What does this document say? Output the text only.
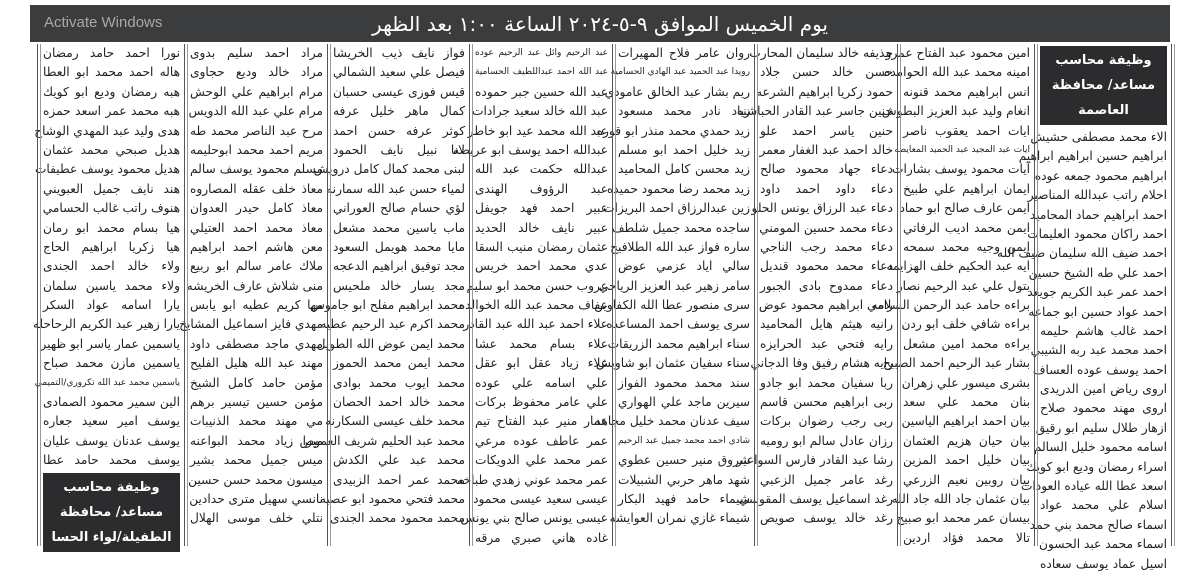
يوم الخميس الموافق ٩-٥-٢٠٢٤ الساعة ١:٠٠ بعد الظهر
وظيفة محاسب مساعد/ محافظة العاصمة
الاء محمد مصطفى حشيش
ابراهيم حسين ابراهيم ابراهيم
ابراهيم محمود جمعه عوده
احلام راتب عبدالله المناصير
احمد ابراهيم حماد المحاميد
احمد راكان محمود العليمات
احمد ضيف الله سليمان ضيف الله
احمد علي طه الشيخ حسين
احمد عمر عبد الكريم جويعد
احمد عواد حسين ابو جماعه
احمد غالب هاشم حليمه
احمد محمد عبد ربه الشيبي
احمد يوسف عوده العساف
اروى رياض امين الدريدى
اروى مهند محمود صلاح
ازهار طلال سليم ابو رقيق
اسامه محمود خليل السالم
اسراء رمضان وديع ابو كويك
اسعد عطا الله عياده العودات
اسلام علي محمد عواد
اسماء صالح محمد بني حمد
اسماء محمد عبد الحسون
اسيل عماد يوسف سعاده
امين محمود عبد الفتاح عمرو
امينه محمد عبد الله الحوامده
انس ابراهيم محمد قنونه
انغام وليد عبد العزيز البطوش
ايات احمد يعقوب ناصر
ايات عبد المجيد عبد الحميد المعايطه
آيات محمود يوسف بشارات
ايمان ابراهيم علي طبيخ
ايمن عارف صالح ابو حماد
ايمن محمد اديب الرفاتي
ايمن وجيه محمد سمحه
ايه عبد الحكيم خلف الهزايمه
بتول علي عبد الرحيم نصار
براءه حامد عبد الرحمن السلامه
براءه شافي خلف ابو ردن
براءه محمد امين مشعل
بشار عبد الرحيم احمد الصبيح
بشرى ميسور علي زهران
بنان محمد علي سعد
بيان احمد ابراهيم الياسين
بيان حيان هزيم العثمان
بيان خليل احمد المزين
بيان روبين نعيم الزرعي
بيان عثمان جاد الله جاد الله
بيسان عمر محمد ابو صبيح
تالا محمد فؤاد اردين
حذيفه خالد سليمان المحارب
حسن خالد حسن جلاد
حمود زكريا ابراهيم الشرعه
حنين جاسر عبد القادر الحباشنه
حنين ياسر احمد علو
خالد احمد عبد الغفار معمر
دعاء جهاد محمود صالح
دعاء داود احمد داود
دعاء عبد الرزاق يونس الحلو
دعاء محمد حسين المومني
دعاء محمد رجب الناجي
دعاء محمد محمود قنديل
دعاء ممدوح بادى الجبور
رامي ابراهيم محمود عوض
رانيه هيثم هايل المحاميد
رايه فتحي عبد الحرايزه
رايه هشام رفيق وفا الدجاني
ربا سفيان محمد ابو جادو
ربى ابراهيم محسن قاسم
ربى رجب رضوان بركات
رزان عادل سالم ابو روميه
رشا عبد القادر فارس السواعير
رغد عامر جميل الزعبي
رغد اسماعيل يوسف المقوسي
رغد خالد يوسف صويص
روان عامر فلاح المهيرات
رويدا عبد الحميد عبد الهادي الحسامية
ريم بشار عبد الخالق عامودي
زياد نادر محمد مسعود
زيد حمدي محمد منذر ابو قوره
زيد خليل احمد ابو مسلم
زيد محسن كامل المحاميد
زيد محمد رضا محمود حميده
زين عبدالرزاق احمد البريزات
ساجده محمد جميل شلطف
ساره فواز عبد الله الطلافيح
سالي اياد عزمي عوض
سامر زهير عبد العزيز الرياحي
سرى منصور عطا الله الكفاوين
سرى يوسف احمد المساعده
سناء ابراهيم محمد الزريقات
سناء سفيان عثمان ابو شاويش
سند محمد محمود الفواز
سيرين ماجد علي الهواري
سيف عدنان محمد خليل مجاهد
شادي احمد محمد جميل عبد الرحيم
شروق منير حسين عطوي
شهد ماهر حربي الشبيلات
شيماء حامد فهيد البكار
شيماء غازي نمران العوايشه
عبد الرحيم وائل عبد الرحيم عوده
عبد الله احمد عبداللطيف الحسامية
عبد الله حسين جبر حموده
عبد الله خالد سعيد جرادات
عبد الله محمد عيد ابو خاطر
عبدالله احمد يوسف ابو عريضه
عبدالله حكمت عبد الله
عبد الرؤوف الهندى
عبير احمد فهد جويفل
عبير نايف خالد الحديد
عثمان رمضان منيب السقا
عدي محمد احمد خريس
عروب حسن محمد ابو سليم
عفاف محمد عبد الله الخوالده
علاء احمد عبد الله عبد القادر
علاء بسام محمد عشا
علاء زياد عقل ابو عقل
علي اسامه علي عوده
علي عامر محفوظ بركات
عمار منير عبد الفتاح تيم
عمر عاطف عوده مرعي
عمر محمد علي الدويكات
عمر محمد عوني زهدي طباخه
عيسى سعيد عيسى محمود
عيسى يونس صالح بني يونس
غاده هاني صبري مرقه
فواز نايف ذيب الخريشا
فيصل علي سعيد الشمالي
قيس فوزى عيسى حسبان
كمال ماهر خليل عرفه
كوثر عرفه حسن احمد
لانا نبيل نايف الحمود
لبنى محمد كمال كامل درويش
لمياء حسن عبد الله سمارنه
لؤي حسام صالح العوراني
ماب ياسين محمد مشعل
مايا محمد هويمل السعود
مجد توفيق ابراهيم الدعجه
مجد يسار خالد ملحيس
محمد ابراهيم مفلح ابو جاموس
محمد اكرم عبد الرحيم عطيه
محمد ايمن عوض الله الطويل
محمد ايمن محمد الحموز
محمد ايوب محمد بوادى
محمد خالد احمد الحصان
محمد خلف عيسى السكارنه
محمد عبد الحليم شريف العموص
محمد عبد علي الكدش
محمد عمر احمد الزبيدى
محمد فتحي محمود ابو عصبه
محمد محمود محمد الجندى
مراد احمد سليم بدوى
مراد خالد وديع حجاوى
مرام ابراهيم علي الوحش
مرام علي عبد الله الدويس
مرح عبد الناصر محمد طه
مريم احمد محمد ابوحليمه
مسلم محمود يوسف سالم
معاذ خلف عقله المصاروه
معاذ كامل حيدر العدوان
معاذ محمد احمد العتيلي
معن هاشم احمد ابراهيم
ملاك عامر سالم ابو ربيع
منى شلاش عارف الخريشه
مها كريم عطيه ابو يابس
مهدي فايز اسماعيل المشايخ
مهدي ماجد مصطفى داود
مهند عبد الله هليل الفليح
مؤمن حامد كامل الشيخ
مؤمن حسين تيسير برهم
مي مهند محمد الذنيبات
ميرا زياد محمد البواعنه
ميس جميل محمد بشير
ميسون محمد حسن حسين
نانسي سهيل مترى حدادين
نتلي خلف موسى الهلال
نورا احمد حامد رمضان
هاله احمد محمد ابو العطا
هبه رمضان وديع ابو كويك
هبه محمد عمر اسعد حمزه
هدى وليد عبد المهدي الوشاح
هديل صبحي محمد عثمان
هديل محمود يوسف عطيفات
هند نايف جميل العبويني
هنوف راتب غالب الحسامي
هيا بسام محمد ابو رمان
هيا زكريا ابراهيم الحاج
ولاء خالد احمد الجندى
ولاء محمد ياسين سلمان
يارا اسامه عواد السكر
يارا زهير عبد الكريم الرحاحله
ياسمين عمار ياسر ابو ظهير
ياسمين مازن محمد صباح
ياسمين محمد عبد الله تكروري/التميمي
الين سمير محمود الصمادى
يوسف امير سعيد جعاره
يوسف عدنان يوسف عليان
يوسف محمد حامد عطا
وظيفة محاسب مساعد/ محافظة الطفيلة/لواء الحسا
Activate Windows
